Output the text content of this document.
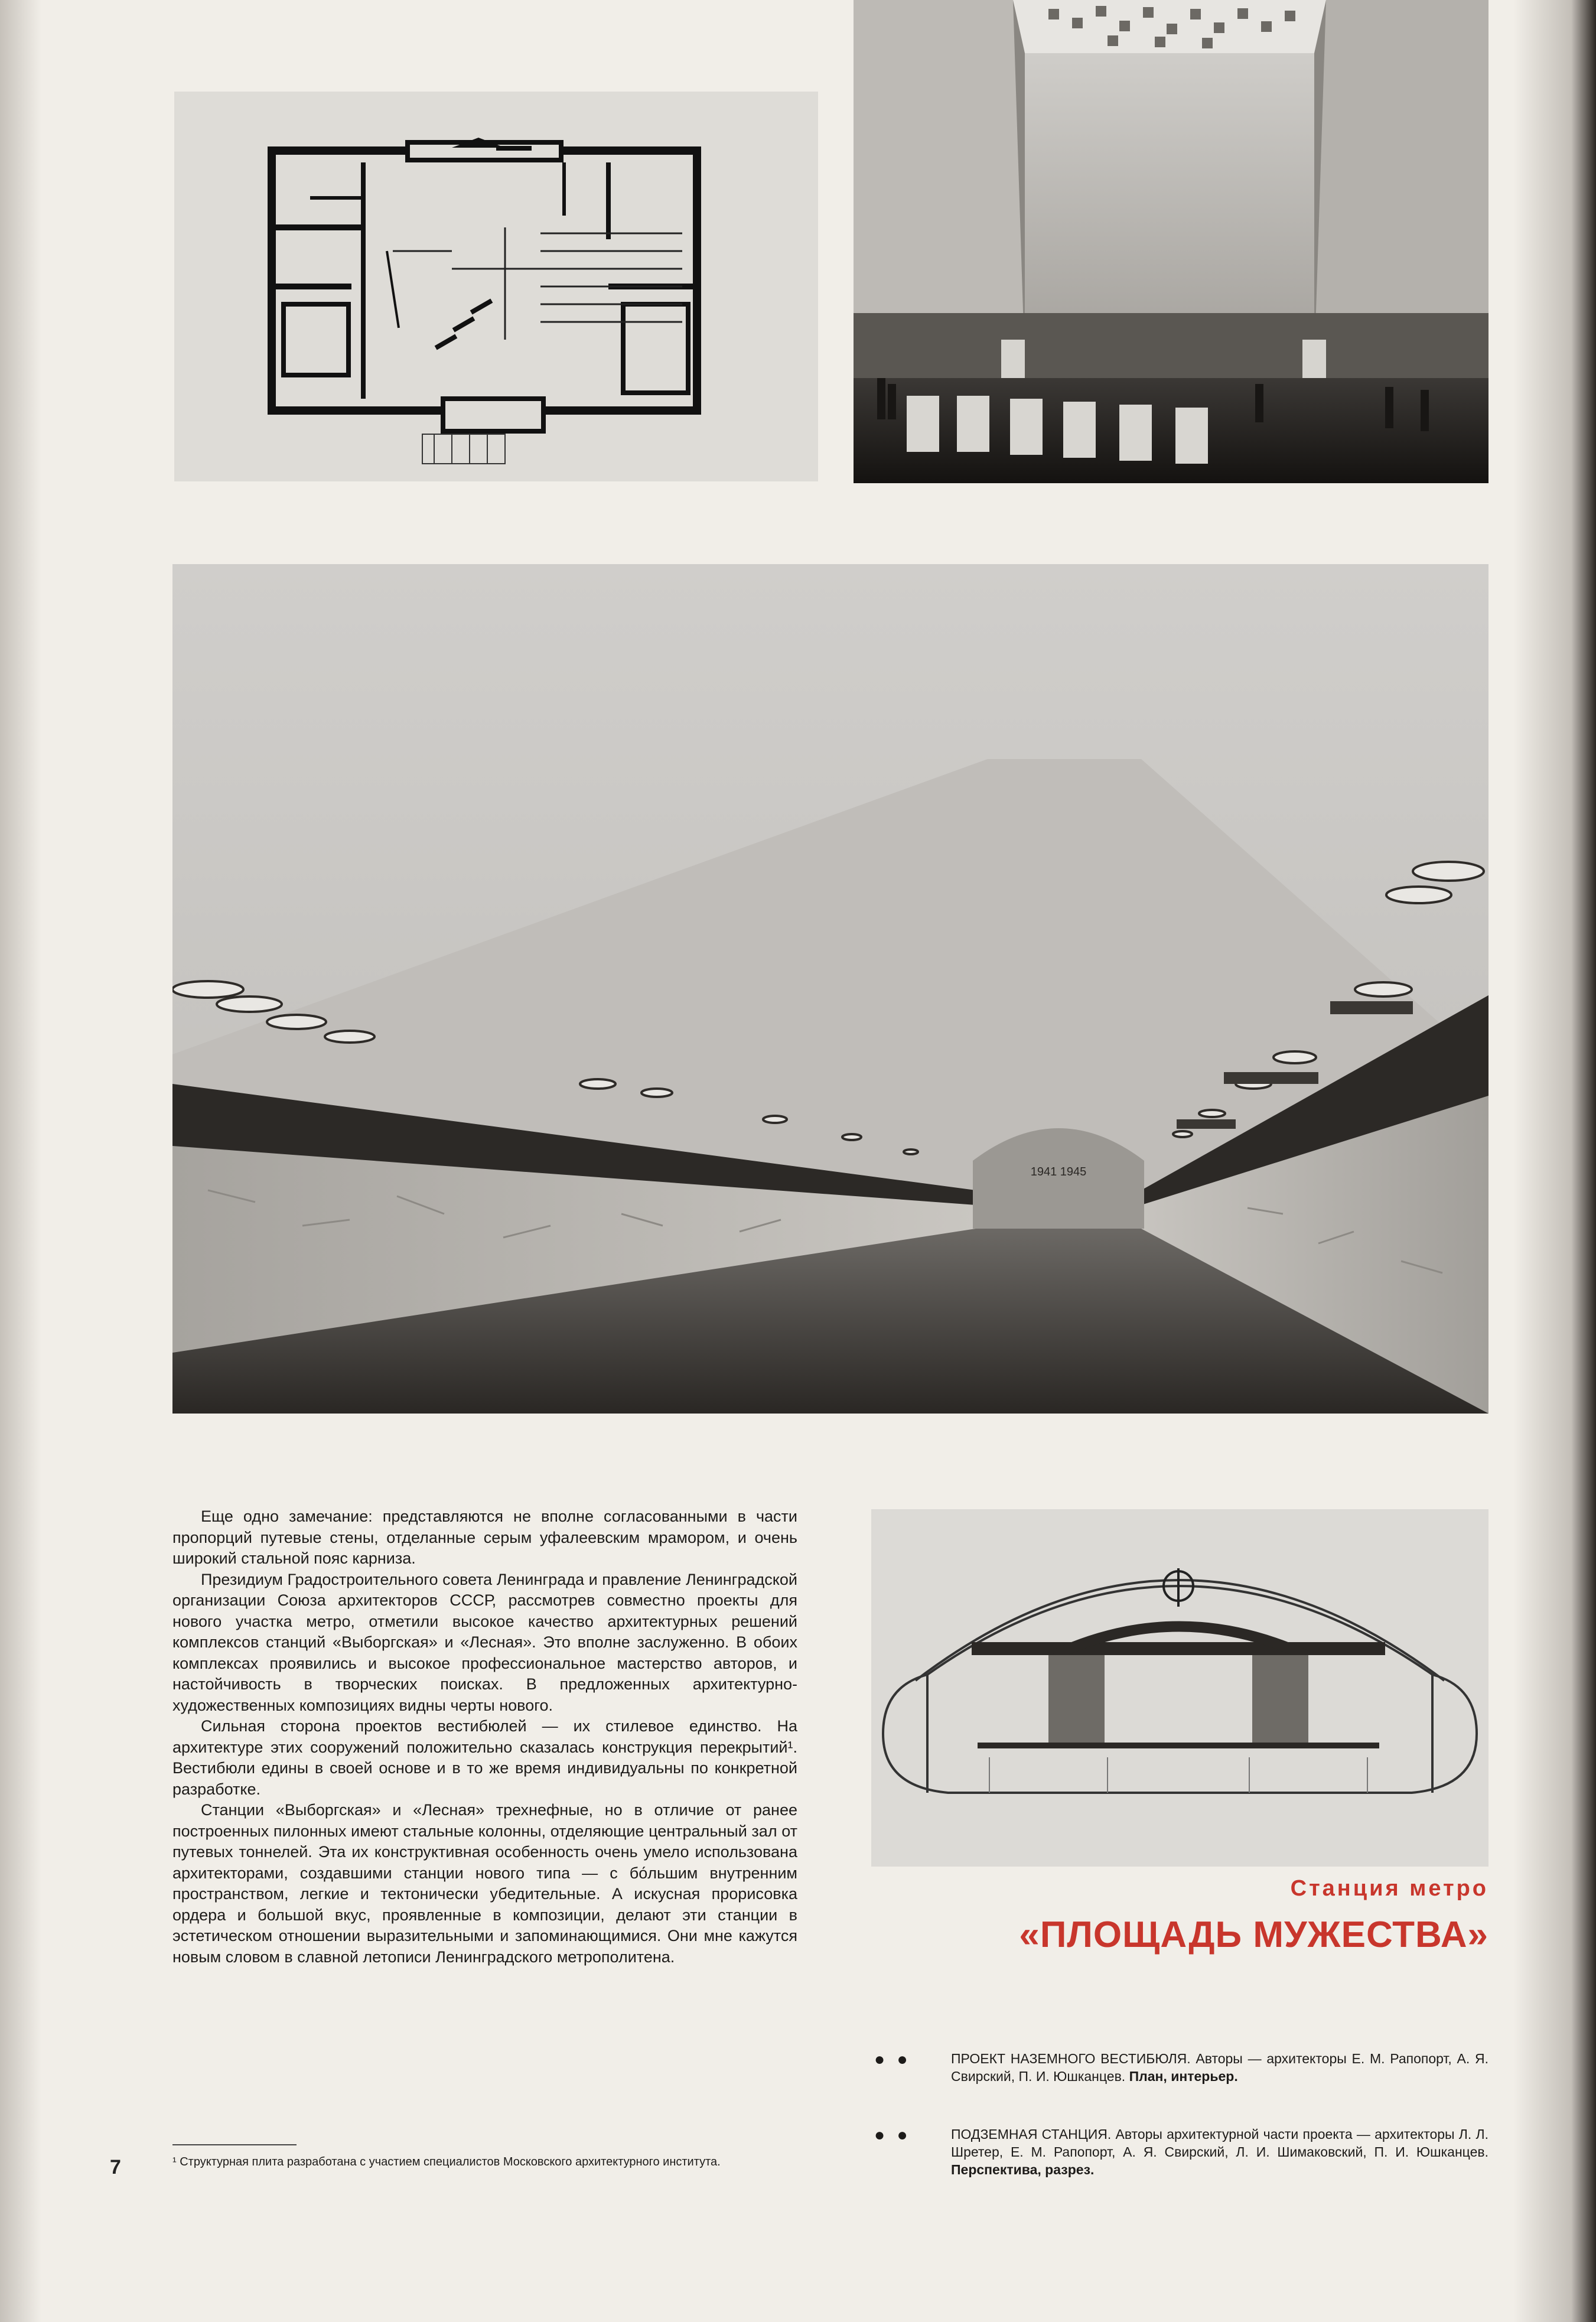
1941 1945

Еще одно замечание: представляются не вполне согласованными в части пропорций путевые стены, отделанные серым уфалеевским мрамором, и очень широкий стальной пояс карниза.

Президиум Градостроительного совета Ленинграда и правление Ленинградской организации Союза архитекторов СССР, рассмотрев совместно проекты для нового участка метро, отметили высокое качество архитектурных решений комплексов станций «Выборгская» и «Лесная». Это вполне заслуженно. В обоих комплексах проявились и высокое профессиональное мастерство авторов, и настойчивость в творческих поисках. В предложенных архитектурно-художественных композициях видны черты нового.

Сильная сторона проектов вестибюлей — их стилевое единство. На архитектуре этих сооружений положительно сказалась конструкция перекрытий¹. Вестибюли едины в своей основе и в то же время индивидуальны по конкретной разработке.

Станции «Выборгская» и «Лесная» трехнефные, но в отличие от ранее построенных пилонных имеют стальные колонны, отделяющие центральный зал от путевых тоннелей. Эта их конструктивная особенность очень умело использована архитекторами, создавшими станции нового типа — с бо́льшим внутренним пространством, легкие и тектонически убедительные. А искусная прорисовка ордера и большой вкус, проявленные в композиции, делают эти станции в эстетическом отношении выразительными и запоминающимися. Они мне кажутся новым словом в славной летописи Ленинградского метрополитена.

¹ Структурная плита разработана с участием специалистов Московского архитектурного института.
7
Станция метро
«ПЛОЩАДЬ МУЖЕСТВА»
● ●	ПРОЕКТ НАЗЕМНОГО ВЕСТИБЮЛЯ. Авторы — архитекторы Е. М. Рапопорт, А. Я. Свирский, П. И. Юшканцев. План, интерьер.
● ●	ПОДЗЕМНАЯ СТАНЦИЯ. Авторы архитектурной части проекта — архитекторы Л. Л. Шретер, Е. М. Рапопорт, А. Я. Свирский, Л. И. Шимаковский, П. И. Юшканцев. Перспектива, разрез.
